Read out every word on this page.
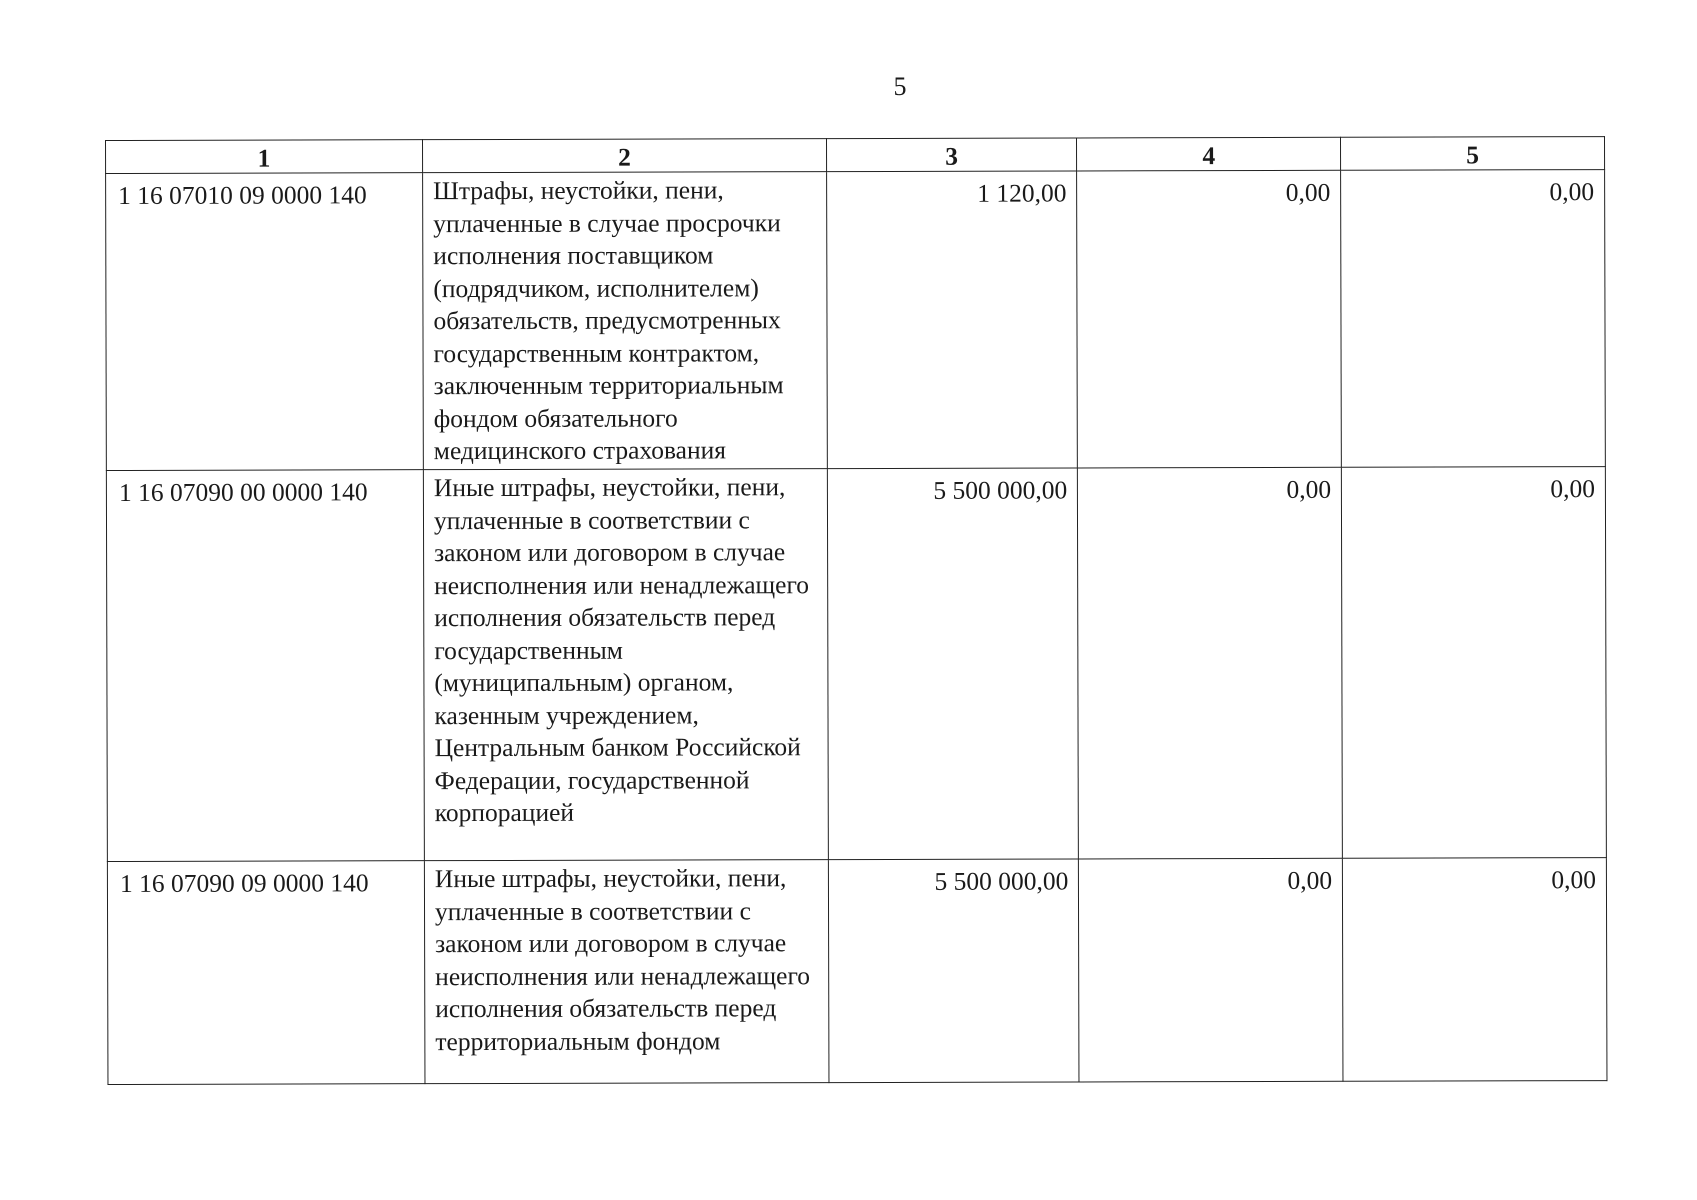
5
1	2	3	4	5
1 16 07010 09 0000 140	Штрафы, неустойки, пени, уплаченные в случае просрочки исполнения поставщиком (подрядчиком, исполнителем) обязательств, предусмотренных государственным контрактом, заключенным территориальным фондом обязательного медицинского страхования	1 120,00	0,00	0,00
1 16 07090 00 0000 140	Иные штрафы, неустойки, пени, уплаченные в соответствии с законом или договором в случае неисполнения или ненадлежащего исполнения обязательств перед государственным (муниципальным) органом, казенным учреждением, Центральным банком Российской Федерации, государственной корпорацией	5 500 000,00	0,00	0,00
1 16 07090 09 0000 140	Иные штрафы, неустойки, пени, уплаченные в соответствии с законом или договором в случае неисполнения или ненадлежащего исполнения обязательств перед территориальным фондом	5 500 000,00	0,00	0,00
